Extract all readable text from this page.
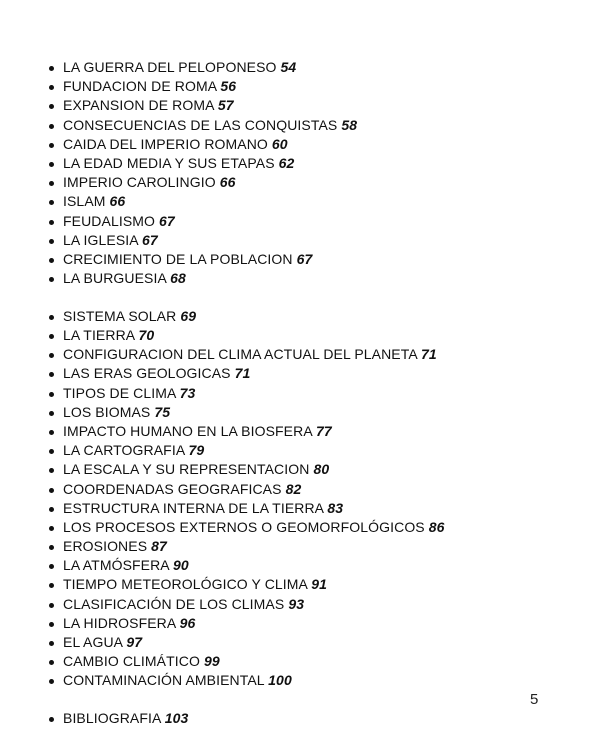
LA GUERRA DEL PELOPONESO 54
FUNDACION DE ROMA 56
EXPANSION DE ROMA 57
CONSECUENCIAS DE LAS CONQUISTAS 58
CAIDA DEL IMPERIO ROMANO 60
LA EDAD MEDIA Y SUS ETAPAS 62
IMPERIO CAROLINGIO 66
ISLAM 66
FEUDALISMO 67
LA IGLESIA 67
CRECIMIENTO DE LA POBLACION 67
LA BURGUESIA 68
SISTEMA SOLAR 69
LA TIERRA 70
CONFIGURACION DEL CLIMA ACTUAL DEL PLANETA 71
LAS ERAS GEOLOGICAS 71
TIPOS DE CLIMA 73
LOS BIOMAS 75
IMPACTO HUMANO EN LA BIOSFERA 77
LA CARTOGRAFIA 79
LA ESCALA Y SU REPRESENTACION 80
COORDENADAS GEOGRAFICAS 82
ESTRUCTURA INTERNA DE LA TIERRA 83
LOS PROCESOS EXTERNOS O GEOMORFOLÓGICOS 86
EROSIONES 87
LA ATMÓSFERA 90
TIEMPO METEOROLÓGICO Y CLIMA 91
CLASIFICACIÓN DE LOS CLIMAS 93
LA HIDROSFERA 96
EL AGUA 97
CAMBIO CLIMÁTICO 99
CONTAMINACIÓN AMBIENTAL 100
BIBLIOGRAFIA 103
5
